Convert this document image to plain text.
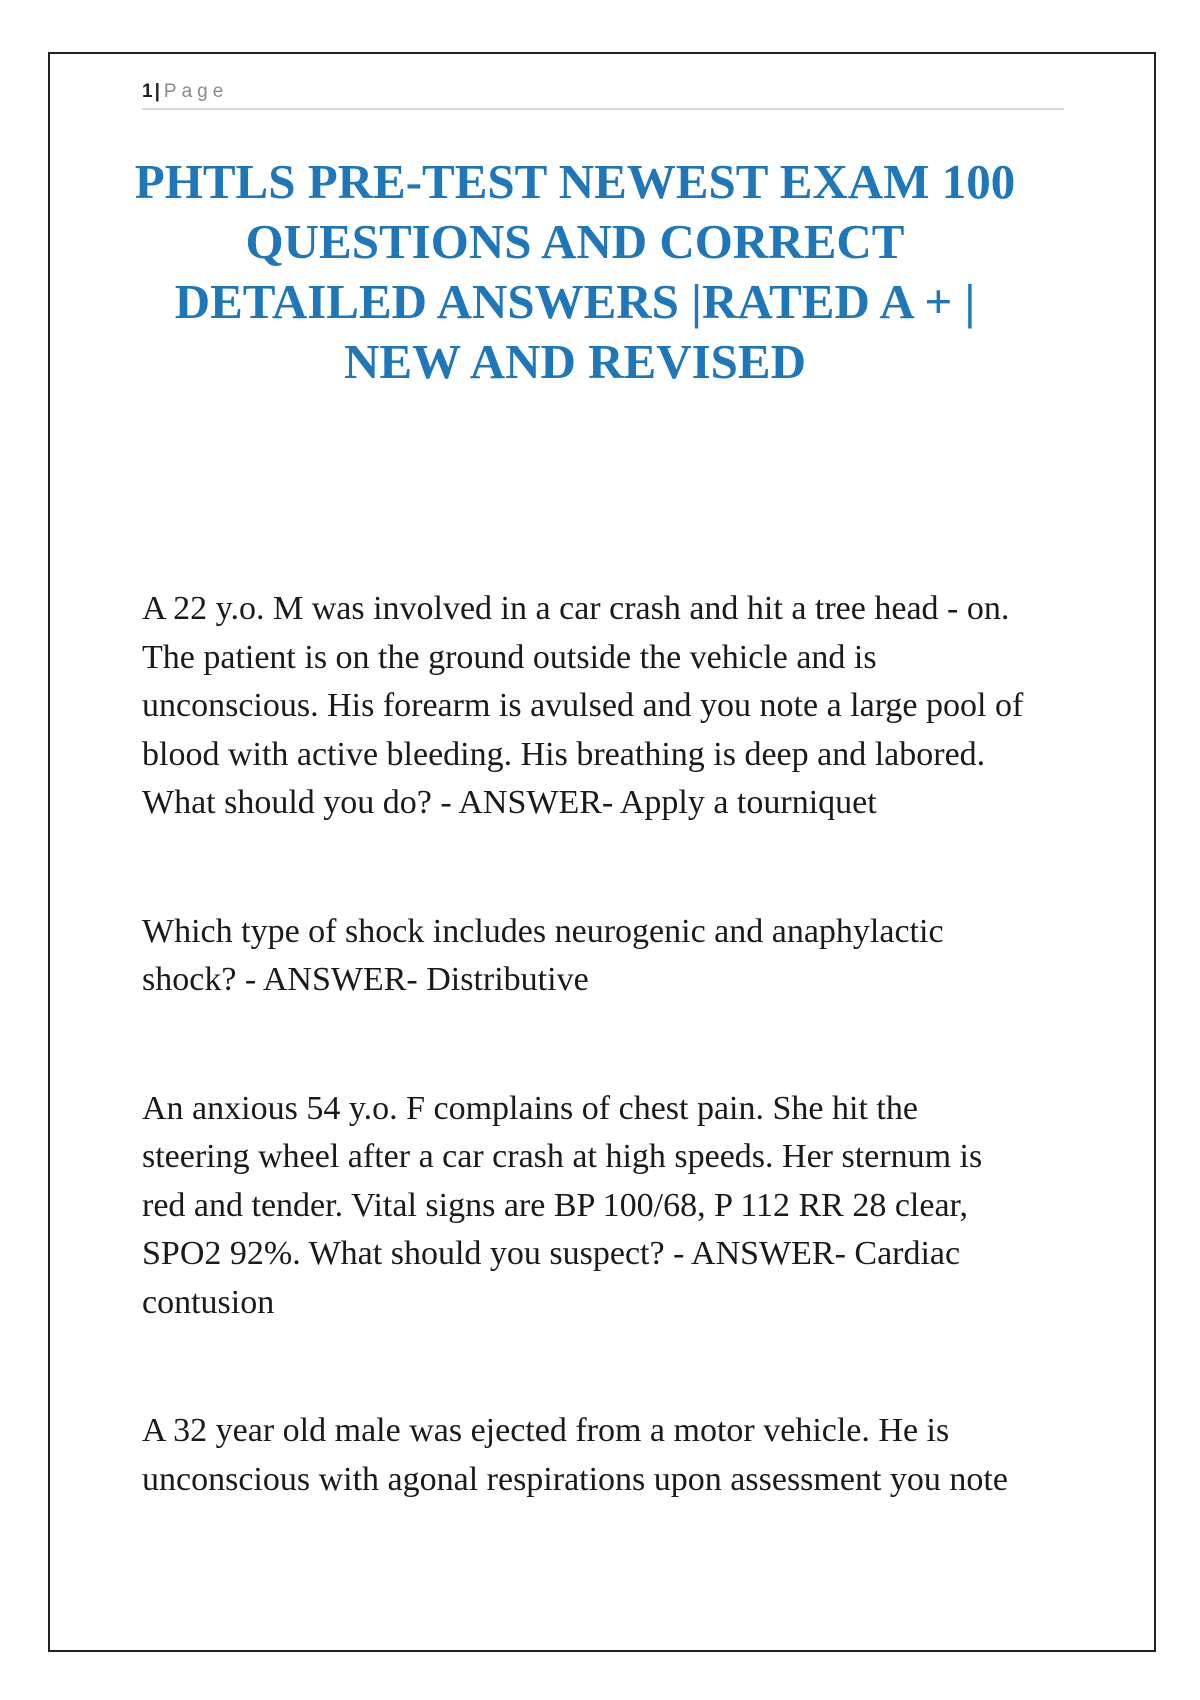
1 | Page
PHTLS PRE-TEST NEWEST EXAM 100
QUESTIONS AND CORRECT
DETAILED ANSWERS |RATED A + |
NEW AND REVISED
A 22 y.o. M was involved in a car crash and hit a tree head - on.
The patient is on the ground outside the vehicle and is
unconscious. His forearm is avulsed and you note a large pool of
blood with active bleeding. His breathing is deep and labored.
What should you do? - ANSWER- Apply a tourniquet
Which type of shock includes neurogenic and anaphylactic
shock? - ANSWER- Distributive
An anxious 54 y.o. F complains of chest pain. She hit the
steering wheel after a car crash at high speeds. Her sternum is
red and tender. Vital signs are BP 100/68, P 112 RR 28 clear,
SPO2 92%. What should you suspect? - ANSWER- Cardiac
contusion
A 32 year old male was ejected from a motor vehicle. He is
unconscious with agonal respirations upon assessment you note
